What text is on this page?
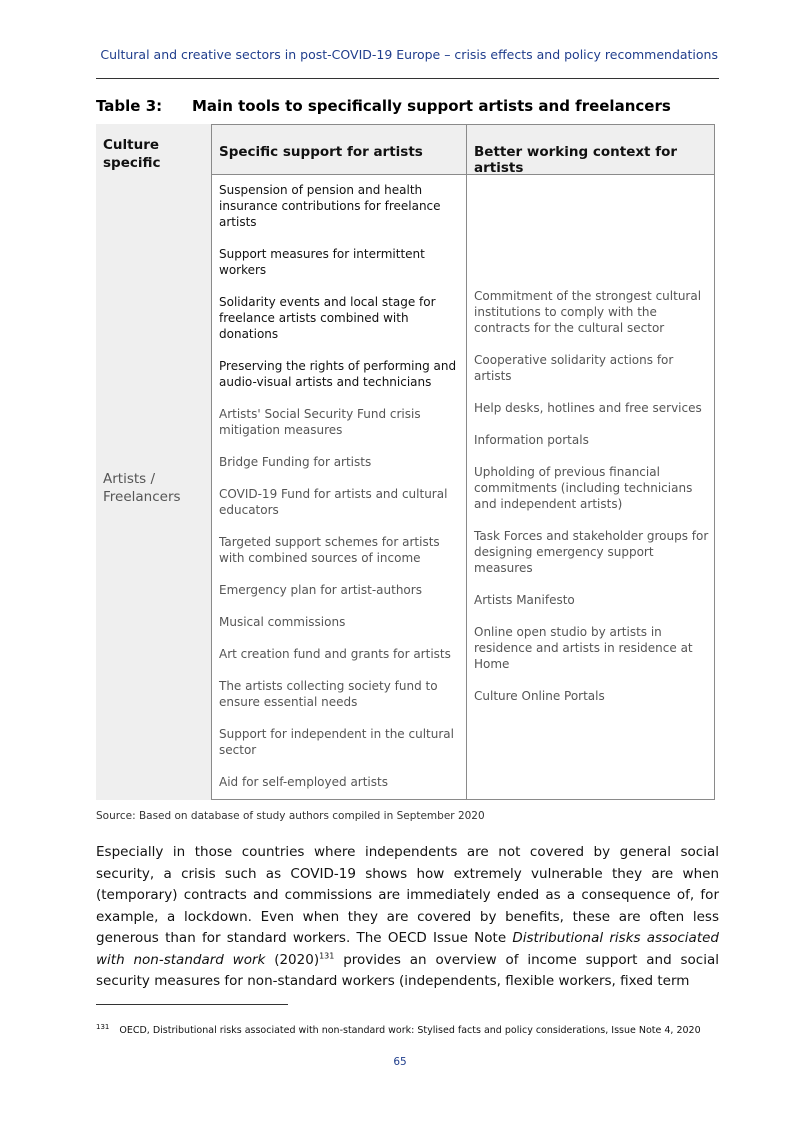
Cultural and creative sectors in post-COVID-19 Europe – crisis effects and policy recommendations
Table 3: Main tools to specifically support artists and freelancers
Culture
specific
Specific support for artists	Better working context for artists
Artists /
Freelancers
Suspension of pension and health insurance contributions for freelance artists
Support measures for intermittent workers
Solidarity events and local stage for freelance artists combined with donations
Preserving the rights of performing and audio-visual artists and technicians
Artists' Social Security Fund crisis mitigation measures
Bridge Funding for artists
COVID-19 Fund for artists and cultural educators
Targeted support schemes for artists with combined sources of income
Emergency plan for artist-authors
Musical commissions
Art creation fund and grants for artists
The artists collecting society fund to ensure essential needs
Support for independent in the cultural sector
Aid for self-employed artists
Commitment of the strongest cultural institutions to comply with the contracts for the cultural sector
Cooperative solidarity actions for artists
Help desks, hotlines and free services
Information portals
Upholding of previous financial commitments (including technicians and independent artists)
Task Forces and stakeholder groups for designing emergency support measures
Artists Manifesto
Online open studio by artists in residence and artists in residence at Home
Culture Online Portals
Source: Based on database of study authors compiled in September 2020

Especially in those countries where independents are not covered by general social security, a crisis such as COVID-19 shows how extremely vulnerable they are when (temporary) contracts and commissions are immediately ended as a consequence of, for example, a lockdown. Even when they are covered by benefits, these are often less generous than for standard workers. The OECD Issue Note Distributional risks associated with non-standard work $(2020)^{131}$ provides an overview of income support and social security measures for non-standard workers (independents, flexible workers, fixed term

$^{131}$ OECD, Distributional risks associated with non-standard work: Stylised facts and policy considerations, Issue Note 4, 2020
65
